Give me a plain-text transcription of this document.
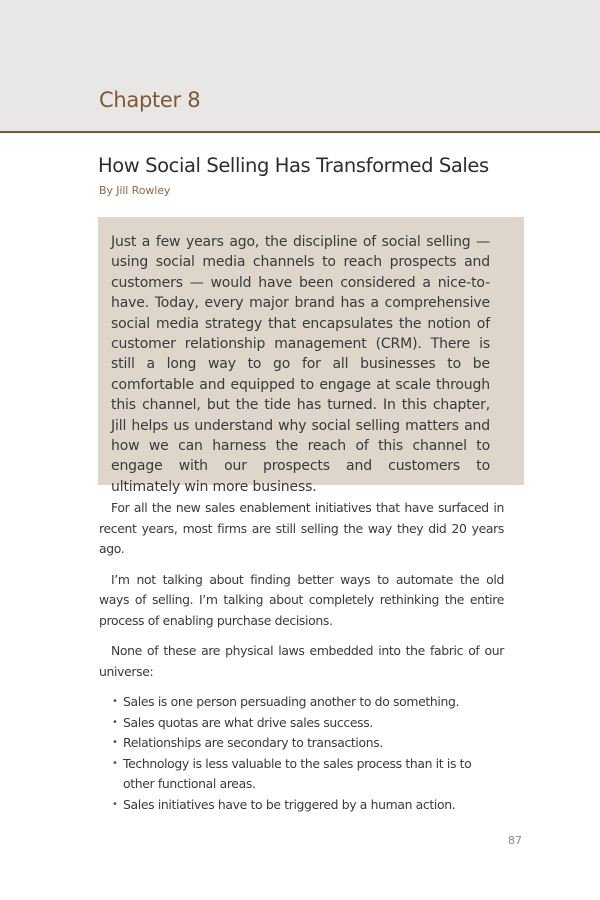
Chapter 8
How Social Selling Has Transformed Sales
By Jill Rowley
Just a few years ago, the discipline of social selling — using social media channels to reach prospects and customers — would have been considered a nice-to-have. Today, every major brand has a comprehensive social media strategy that encapsulates the notion of customer relationship management (CRM). There is still a long way to go for all businesses to be comfortable and equipped to engage at scale through this channel, but the tide has turned. In this chapter, Jill helps us understand why social selling matters and how we can harness the reach of this channel to engage with our prospects and customers to ultimately win more business.

For all the new sales enablement initiatives that have surfaced in recent years, most firms are still selling the way they did 20 years ago.

I’m not talking about finding better ways to automate the old ways of selling. I’m talking about completely rethinking the entire process of enabling purchase decisions.

None of these are physical laws embedded into the fabric of our universe:

• Sales is one person persuading another to do something.
• Sales quotas are what drive sales success.
• Relationships are secondary to transactions.
• Technology is less valuable to the sales process than it is to other functional areas.
• Sales initiatives have to be triggered by a human action.
87
